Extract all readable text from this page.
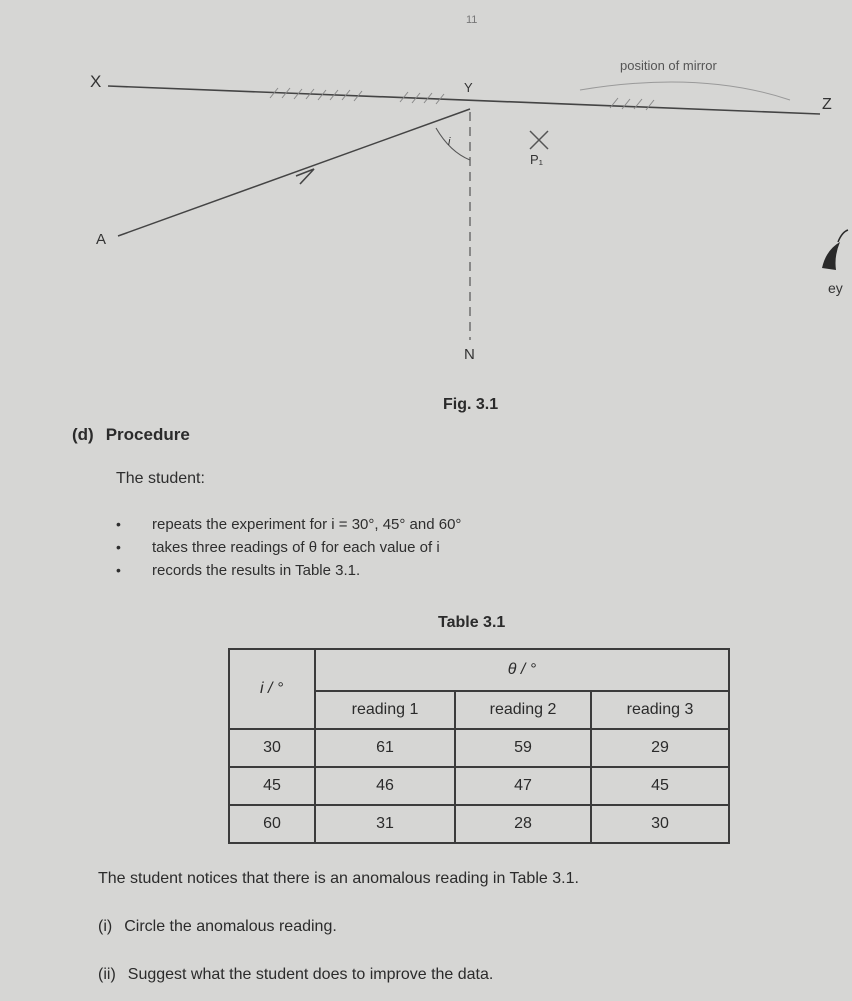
11
X	Y
Z
position of mirror
i
P₁
A
ey
N
Fig. 3.1
(d) Procedure
The student:
• repeats the experiment for i = 30°, 45° and 60°
• takes three readings of θ for each value of i
• records the results in Table 3.1.
Table 3.1
i / °	θ / °		
	reading 1	reading 2	reading 3
30	61	59	29
45	46	47	45
60	31	28	30
The student notices that there is an anomalous reading in Table 3.1.
(i) Circle the anomalous reading.
(ii) Suggest what the student does to improve the data.
